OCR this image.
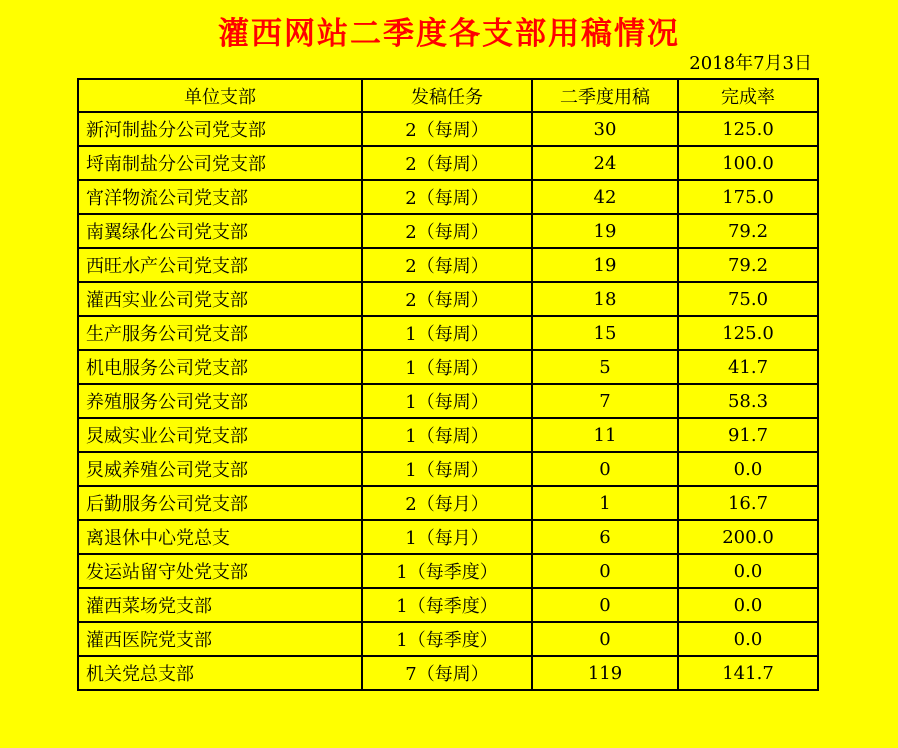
灌西网站二季度各支部用稿情况
2018年7月3日
单位支部	发稿任务	二季度用稿	完成率
新河制盐分公司党支部	2（每周）	30	125.0
埒南制盐分公司党支部	2（每周）	24	100.0
宵洋物流公司党支部	2（每周）	42	175.0
南翼绿化公司党支部	2（每周）	19	79.2
西旺水产公司党支部	2（每周）	19	79.2
灌西实业公司党支部	2（每周）	18	75.0
生产服务公司党支部	1（每周）	15	125.0
机电服务公司党支部	1（每周）	5	41.7
养殖服务公司党支部	1（每周）	7	58.3
炅威实业公司党支部	1（每周）	11	91.7
炅威养殖公司党支部	1（每周）	0	0.0
后勤服务公司党支部	2（每月）	1	16.7
离退休中心党总支	1（每月）	6	200.0
发运站留守处党支部	1（每季度）	0	0.0
灌西菜场党支部	1（每季度）	0	0.0
灌西医院党支部	1（每季度）	0	0.0
机关党总支部	7（每周）	119	141.7
